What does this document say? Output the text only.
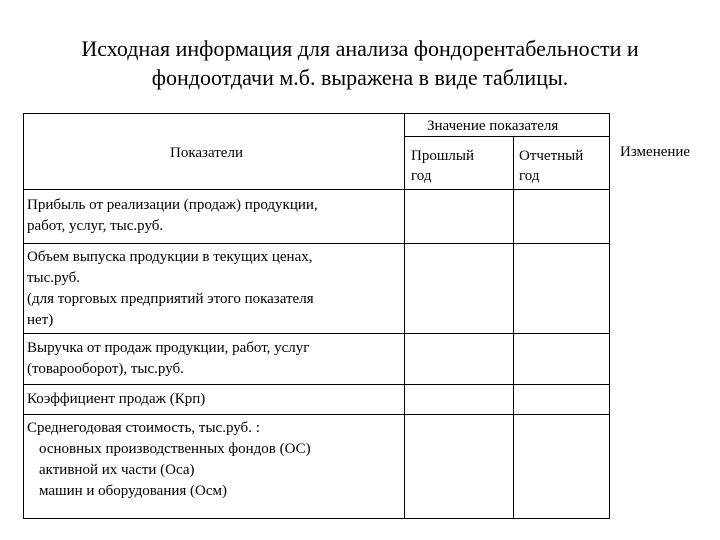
Исходная информация для анализа фондорентабельности и
фондоотдачи м.б. выражена в виде таблицы.
Показатели
Значение показателя
Прошлый
год
Отчетный
год
Изменение
Прибыль от реализации (продаж) продукции,
работ, услуг, тыс.руб.
Объем выпуска продукции в текущих ценах,
тыс.руб.
(для торговых предприятий этого показателя
нет)
Выручка от продаж продукции, работ, услуг
(товарооборот), тыс.руб.
Коэффициент продаж (Крп)
Среднегодовая стоимость, тыс.руб. :
основных производственных фондов (ОС)
активной их части (Оса)
машин и оборудования (Осм)
